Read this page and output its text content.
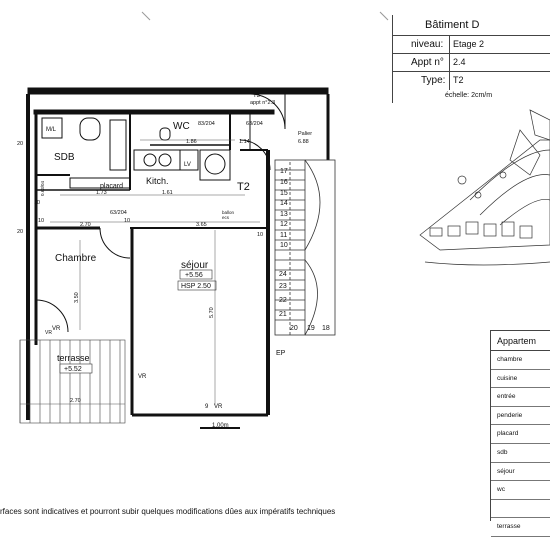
SDB
WC
Kitch.	T2
Chambre
séjour
+5.56
HSP 2.50
terrasse
+5.52
placard
LV
M/L
T3
appt n°2.3
Palier
6.88
EP
VR
VR
VR
VR
9
1.00m
ballon
ecs
83/204	63/204
1.86	1.14
2.70	3.65
1.73	1.61
63/204
3.50
5.70
2.70
20
20
10	10
10
10
0.63/04
17
16
15
14
13
12
11
10
24
23
22
21
20 19 18
Bâtiment D
niveau: Etage 2
Appt n° 2.4
Type: T2
échelle: 2cm/m
Appartem
chambre
cuisine
entrée
penderie
placard
sdb
séjour
wc
terrasse
rfaces sont indicatives et pourront subir quelques modifications dûes aux impératifs techniques
